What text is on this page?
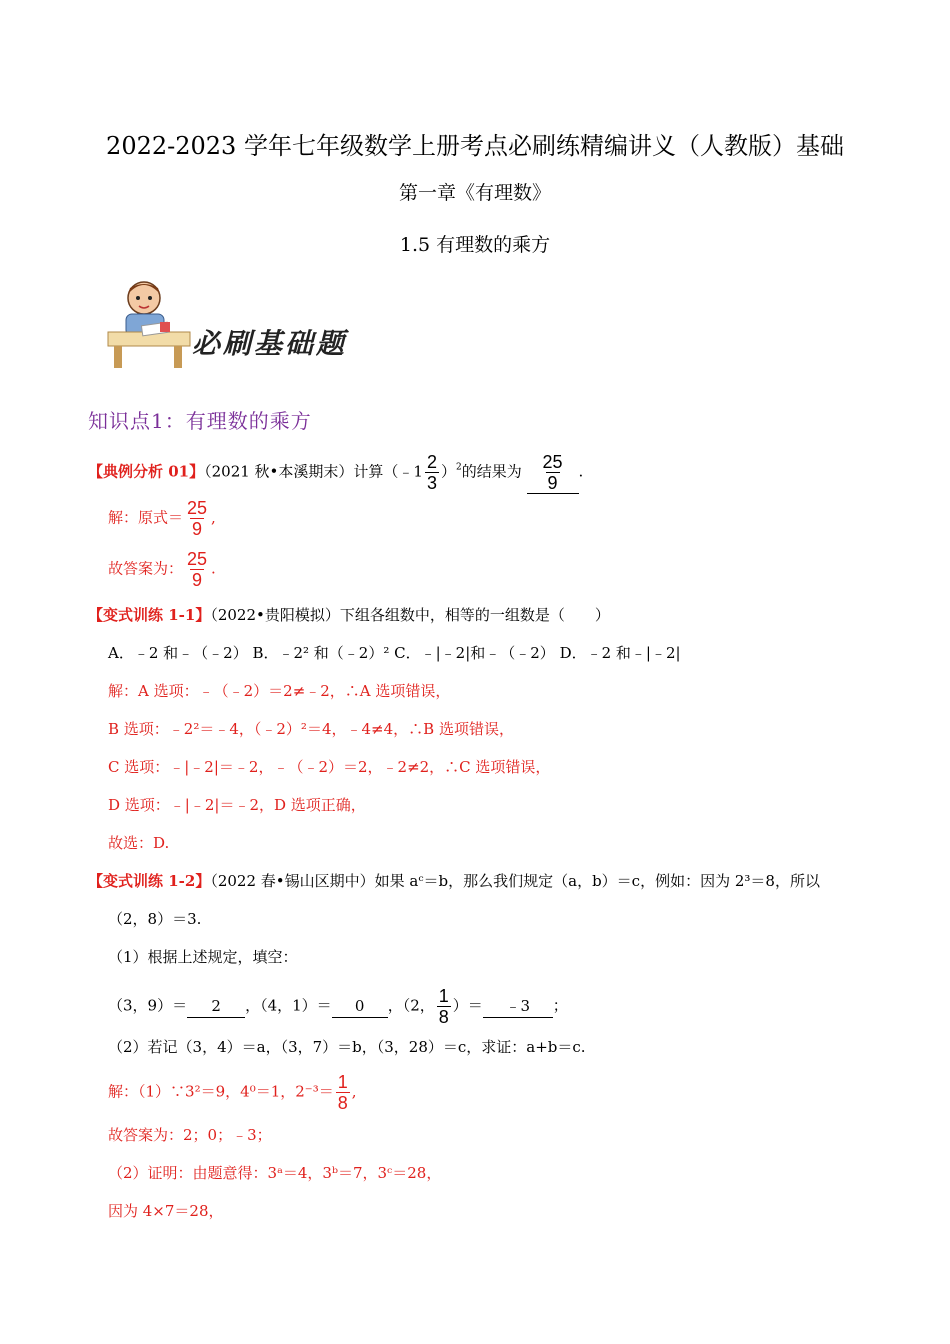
2022-2023 学年七年级数学上册考点必刷练精编讲义（人教版）基础
第一章《有理数》
1.5 有理数的乘方
必刷基础题
知识点1：有理数的乘方
【典例分析 01】（2021 秋•本溪期末）计算（﹣1 $\frac{2}{3} )^2$的结果为 $\frac{25}{9}$ .
解：原式＝ $\frac{25}{9}$ ,
故答案为： $\frac{25}{9}$ .
【变式训练 1-1】（2022•贵阳模拟）下组各组数中，相等的一组数是（　　）
A．﹣2 和﹣（﹣2） B．﹣2² 和（﹣2）² C．﹣|﹣2|和﹣（﹣2） D．﹣2 和﹣|﹣2|
解：A 选项：﹣（﹣2）＝2≠﹣2，∴A 选项错误，
B 选项：﹣2²＝﹣4，（﹣2）²＝4，﹣4≠4，∴B 选项错误，
C 选项：﹣|﹣2|＝﹣2，﹣（﹣2）＝2，﹣2≠2，∴C 选项错误，
D 选项：﹣|﹣2|＝﹣2，D 选项正确，
故选：D.
【变式训练 1-2】（2022 春•锡山区期中）如果 aᶜ＝b，那么我们规定（a，b）＝c，例如：因为 2³＝8，所以
（2，8）＝3.
（1）根据上述规定，填空：
（3，9）＝ 2 ，（4，1）＝ 0 ，（2， $\frac{1}{8}$ ）＝ ﹣3 ；
（2）若记（3，4）＝a，（3，7）＝b，（3，28）＝c，求证：a+b＝c.
解：（1）∵3²＝9，4⁰＝1，$2^{-3}= \frac{1}{8}$ ,
故答案为：2；0；﹣3；
（2）证明：由题意得：3ᵃ＝4，3ᵇ＝7，3ᶜ＝28，
因为 4×7＝28，
